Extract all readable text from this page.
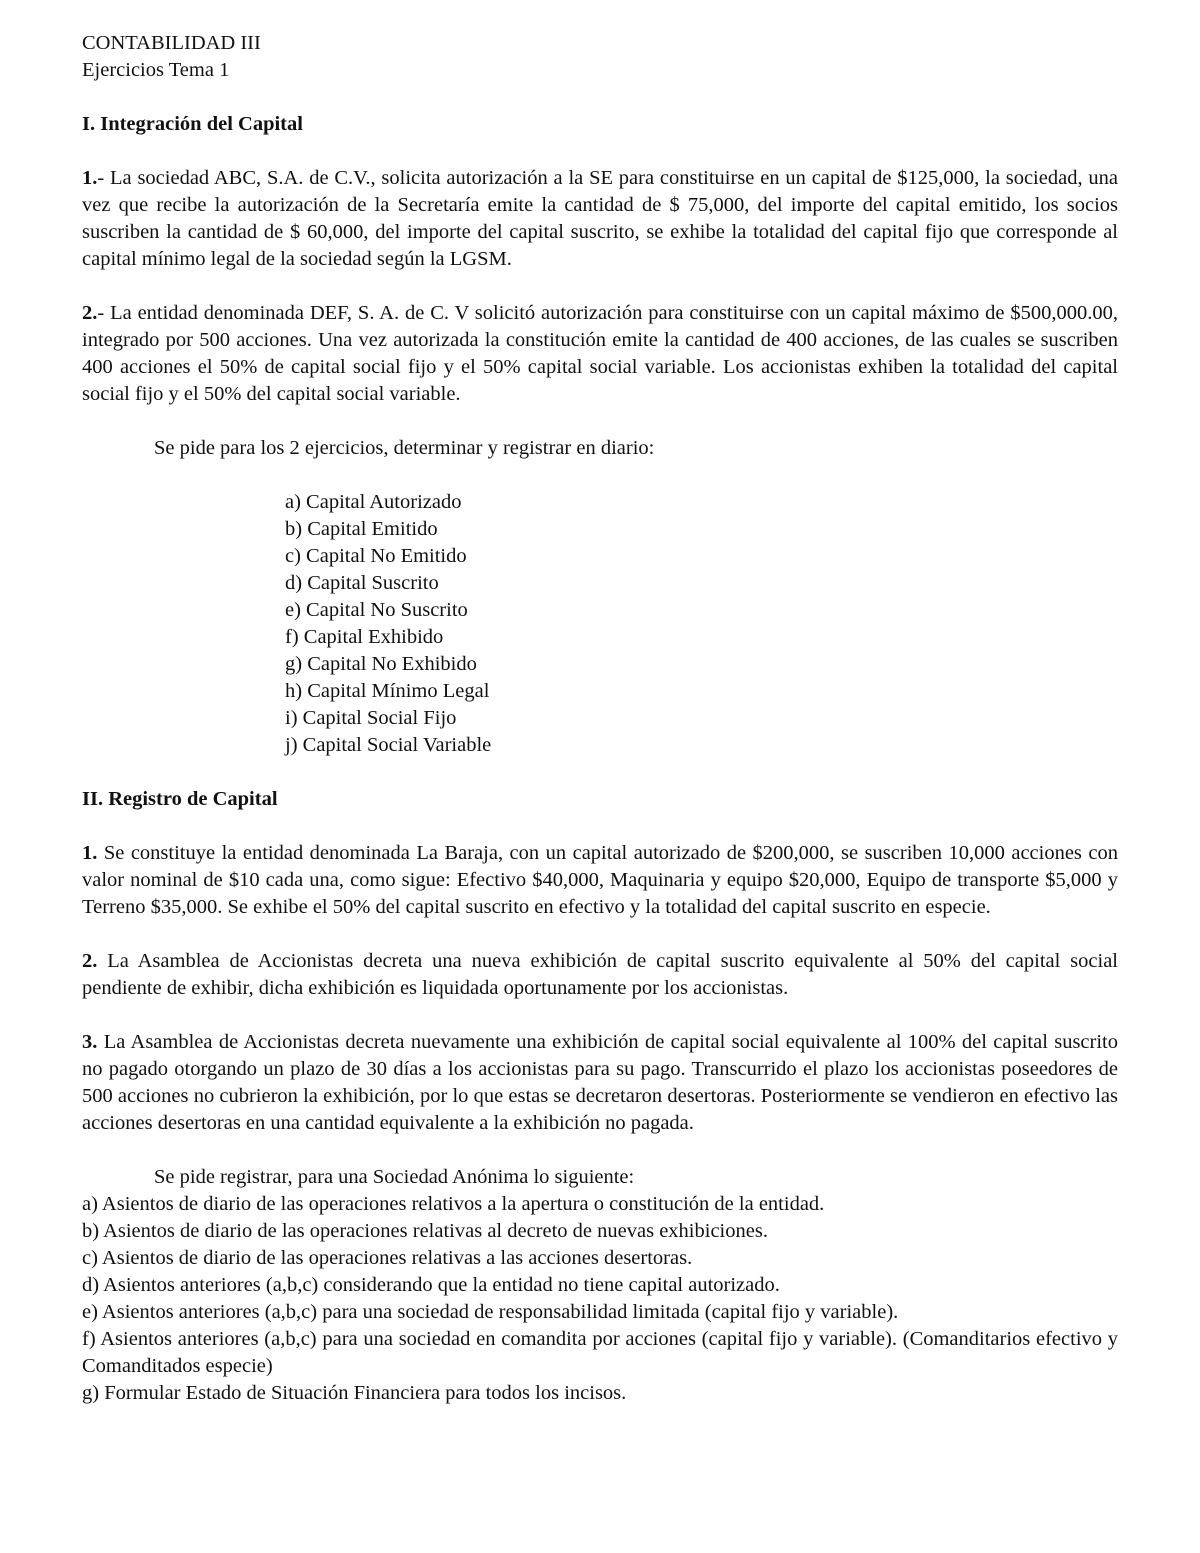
CONTABILIDAD III

Ejercicios Tema 1

I. Integración del Capital

1.- La sociedad ABC, S.A. de C.V., solicita autorización a la SE para constituirse en un capital de $125,000, la sociedad, una vez que recibe la autorización de la Secretaría emite la cantidad de $ 75,000, del importe del capital emitido, los socios suscriben la cantidad de $ 60,000, del importe del capital suscrito, se exhibe la totalidad del capital fijo que corresponde al capital mínimo legal de la sociedad según la LGSM.

2.- La entidad denominada DEF, S. A. de C. V solicitó autorización para constituirse con un capital máximo de $500,000.00, integrado por 500 acciones. Una vez autorizada la constitución emite la cantidad de 400 acciones, de las cuales se suscriben 400 acciones el 50% de capital social fijo y el 50% capital social variable. Los accionistas exhiben la totalidad del capital social fijo y el 50% del capital social variable.

Se pide para los 2 ejercicios, determinar y registrar en diario:

a) Capital Autorizado
b) Capital Emitido
c) Capital No Emitido
d) Capital Suscrito
e) Capital No Suscrito
f) Capital Exhibido
g) Capital No Exhibido
h) Capital Mínimo Legal
i) Capital Social Fijo
j) Capital Social Variable

II. Registro de Capital

1. Se constituye la entidad denominada La Baraja, con un capital autorizado de $200,000, se suscriben 10,000 acciones con valor nominal de $10 cada una, como sigue: Efectivo $40,000, Maquinaria y equipo $20,000, Equipo de transporte $5,000 y Terreno $35,000. Se exhibe el 50% del capital suscrito en efectivo y la totalidad del capital suscrito en especie.

2. La Asamblea de Accionistas decreta una nueva exhibición de capital suscrito equivalente al 50% del capital social pendiente de exhibir, dicha exhibición es liquidada oportunamente por los accionistas.

3. La Asamblea de Accionistas decreta nuevamente una exhibición de capital social equivalente al 100% del capital suscrito no pagado otorgando un plazo de 30 días a los accionistas para su pago. Transcurrido el plazo los accionistas poseedores de 500 acciones no cubrieron la exhibición, por lo que estas se decretaron desertoras. Posteriormente se vendieron en efectivo las acciones desertoras en una cantidad equivalente a la exhibición no pagada.

Se pide registrar, para una Sociedad Anónima lo siguiente:

a) Asientos de diario de las operaciones relativos a la apertura o constitución de la entidad.
b) Asientos de diario de las operaciones relativas al decreto de nuevas exhibiciones.
c) Asientos de diario de las operaciones relativas a las acciones desertoras.
d) Asientos anteriores (a,b,c) considerando que la entidad no tiene capital autorizado.
e) Asientos anteriores (a,b,c) para una sociedad de responsabilidad limitada (capital fijo y variable).
f) Asientos anteriores (a,b,c) para una sociedad en comandita por acciones (capital fijo y variable). (Comanditarios efectivo y Comanditados especie)
g) Formular Estado de Situación Financiera para todos los incisos.
